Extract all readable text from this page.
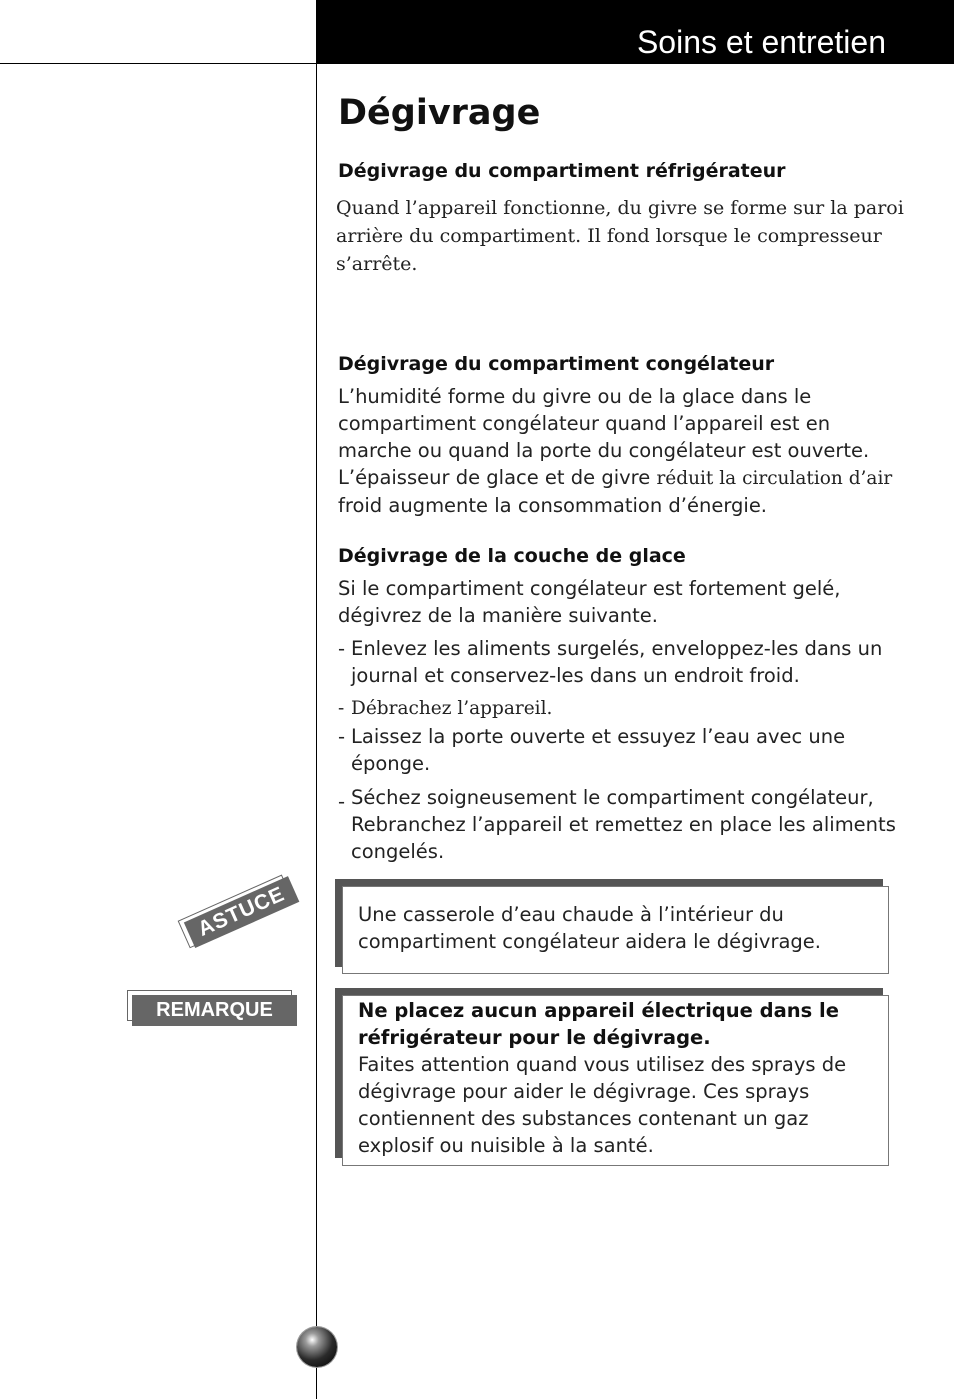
Soins et entretien
Dégivrage
Dégivrage du compartiment réfrigérateur

Quand l’appareil fonctionne, du givre se forme sur la paroi arrière du compartiment. Il fond lorsque le compresseur s’arrête.

Dégivrage du compartiment congélateur

L’humidité forme du givre ou de la glace dans le compartiment congélateur quand l’appareil est en marche ou quand la porte du congélateur est ouverte. L’épaisseur de glace et de givre réduit la circulation d’air froid augmente la consommation d’énergie.

Dégivrage de la couche de glace

Si le compartiment congélateur est fortement gelé, dégivrez de la manière suivante.

- Enlevez les aliments surgelés, enveloppez-les dans un journal et conservez-les dans un endroit froid.
- Débrachez l’appareil.
- Laissez la porte ouverte et essuyez l’eau avec une éponge.
- Séchez soigneusement le compartiment congélateur, Rebranchez l’appareil et remettez en place les aliments congelés.
ASTUCE	Une casserole d’eau chaude à l’intérieur du compartiment congélateur aidera le dégivrage.

REMARQUE	Ne placez aucun appareil électrique dans le réfrigérateur pour le dégivrage.
Faites attention quand vous utilisez des sprays de dégivrage pour aider le dégivrage. Ces sprays contiennent des substances contenant un gaz explosif ou nuisible à la santé.
